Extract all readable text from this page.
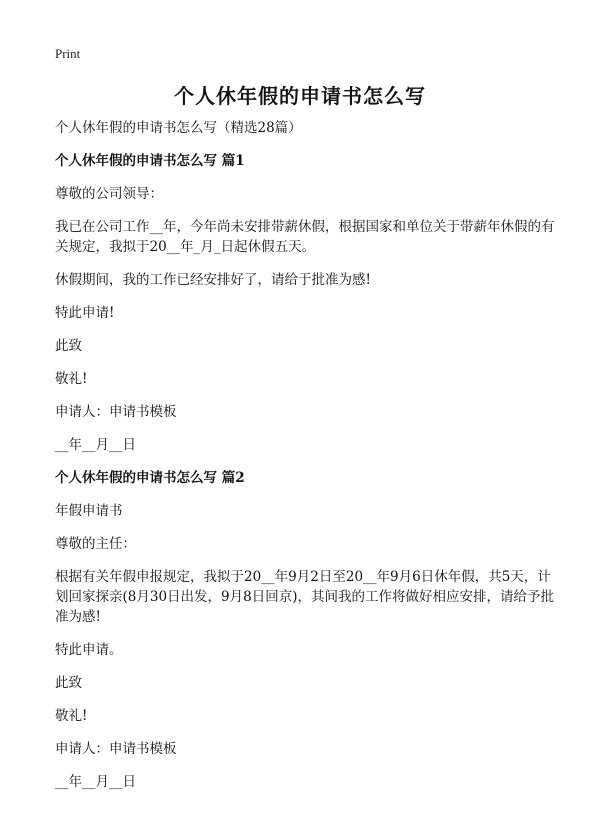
Print
个人休年假的申请书怎么写

个人休年假的申请书怎么写（精选28篇）

个人休年假的申请书怎么写 篇1

尊敬的公司领导：

我已在公司工作__年，今年尚未安排带薪休假，根据国家和单位关于带薪年休假的有关规定，我拟于20__年_月_日起休假五天。

休假期间，我的工作已经安排好了，请给于批准为感!

特此申请!

此致

敬礼!

申请人：申请书模板

__年__月__日

个人休年假的申请书怎么写 篇2

年假申请书

尊敬的主任：

根据有关年假申报规定，我拟于20__年9月2日至20__年9月6日休年假，共5天，计划回家探亲(8月30日出发，9月8日回京)，其间我的工作将做好相应安排，请给予批准为感!

特此申请。

此致

敬礼!

申请人：申请书模板

__年__月__日
